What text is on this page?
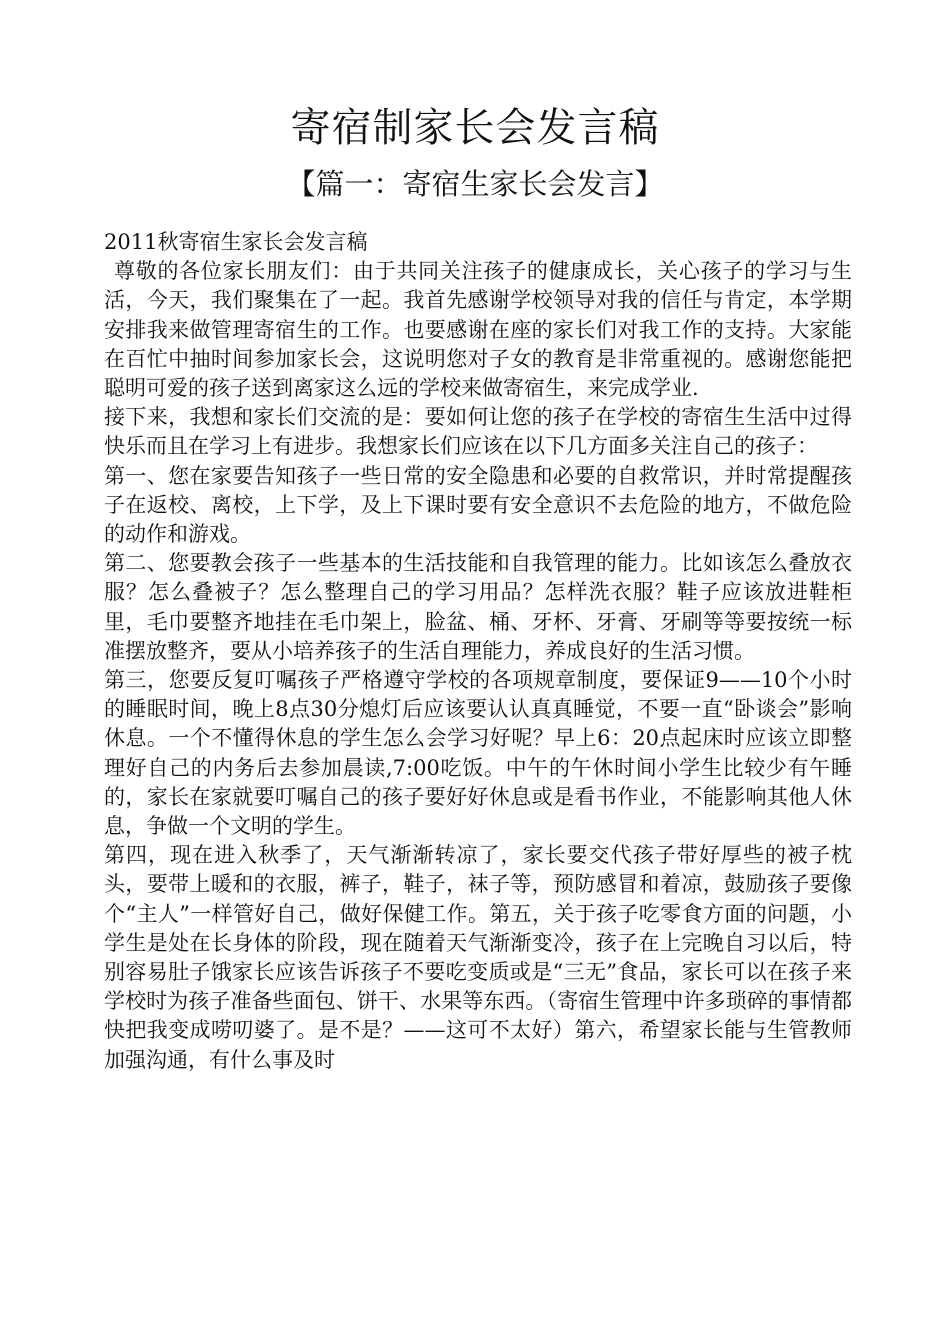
寄宿制家长会发言稿
【篇一：寄宿生家长会发言】

2011秋寄宿生家长会发言稿

尊敬的各位家长朋友们：由于共同关注孩子的健康成长，关心孩子的学习与生活，今天，我们聚集在了一起。我首先感谢学校领导对我的信任与肯定，本学期安排我来做管理寄宿生的工作。也要感谢在座的家长们对我工作的支持。大家能在百忙中抽时间参加家长会，这说明您对子女的教育是非常重视的。感谢您能把聪明可爱的孩子送到离家这么远的学校来做寄宿生，来完成学业.

接下来，我想和家长们交流的是：要如何让您的孩子在学校的寄宿生生活中过得快乐而且在学习上有进步。我想家长们应该在以下几方面多关注自己的孩子：

第一、您在家要告知孩子一些日常的安全隐患和必要的自救常识，并时常提醒孩子在返校、离校，上下学，及上下课时要有安全意识不去危险的地方，不做危险的动作和游戏。

第二、您要教会孩子一些基本的生活技能和自我管理的能力。比如该怎么叠放衣服？怎么叠被子？怎么整理自己的学习用品？怎样洗衣服？鞋子应该放进鞋柜里，毛巾要整齐地挂在毛巾架上，脸盆、桶、牙杯、牙膏、牙刷等等要按统一标准摆放整齐，要从小培养孩子的生活自理能力，养成良好的生活习惯。

第三，您要反复叮嘱孩子严格遵守学校的各项规章制度，要保证9——10个小时的睡眠时间，晚上8点30分熄灯后应该要认认真真睡觉，不要一直“卧谈会”影响休息。一个不懂得休息的学生怎么会学习好呢？早上6：20点起床时应该立即整理好自己的内务后去参加晨读,7:00吃饭。中午的午休时间小学生比较少有午睡的，家长在家就要叮嘱自己的孩子要好好休息或是看书作业，不能影响其他人休息，争做一个文明的学生。

第四，现在进入秋季了，天气渐渐转凉了，家长要交代孩子带好厚些的被子枕头，要带上暖和的衣服，裤子，鞋子，袜子等，预防感冒和着凉，鼓励孩子要像个“主人”一样管好自己，做好保健工作。第五，关于孩子吃零食方面的问题，小学生是处在长身体的阶段，现在随着天气渐渐变冷，孩子在上完晚自习以后，特别容易肚子饿家长应该告诉孩子不要吃变质或是“三无”食品，家长可以在孩子来学校时为孩子准备些面包、饼干、水果等东西。（寄宿生管理中许多琐碎的事情都快把我变成唠叨婆了。是不是？——这可不太好）第六，希望家长能与生管教师加强沟通，有什么事及时
